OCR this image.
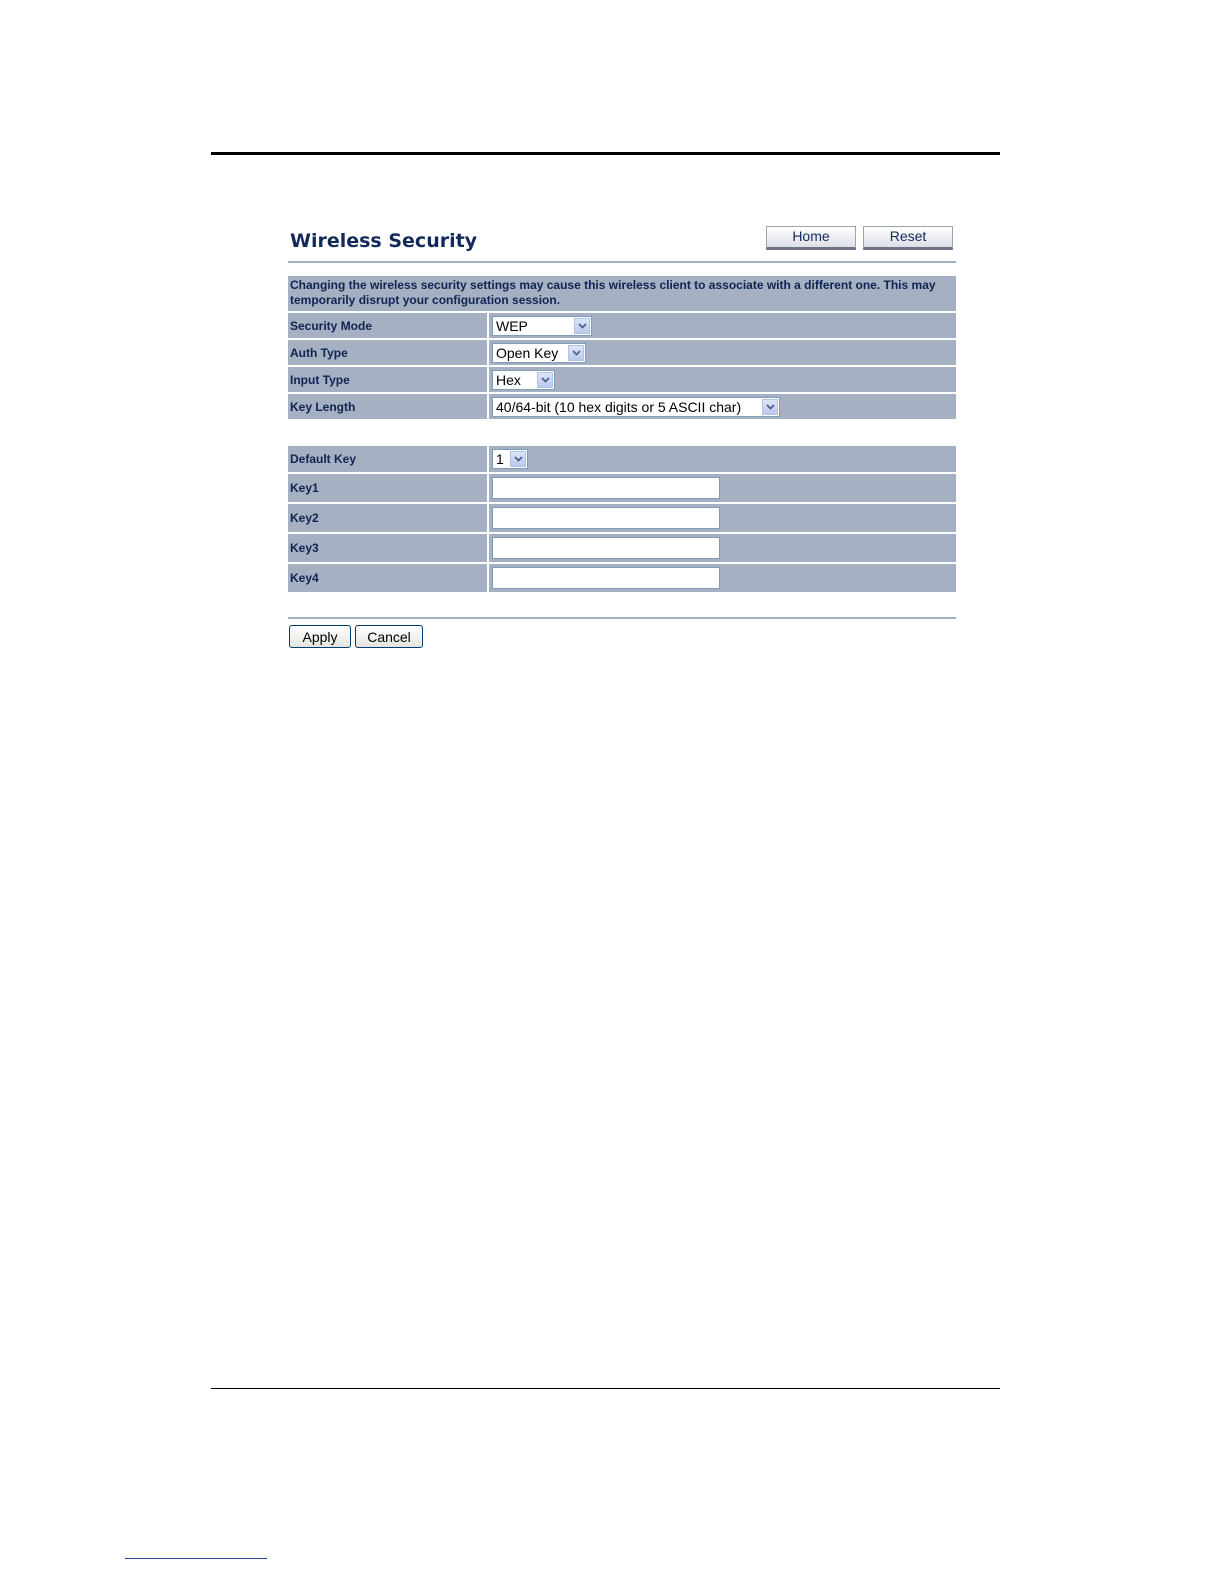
Wireless Security	Home	Reset
Changing the wireless security settings may cause this wireless client to associate with a different one. This may temporarily disrupt your configuration session.
Security Mode	WEP
Auth Type	Open Key
Input Type	Hex
Key Length	40/64-bit (10 hex digits or 5 ASCII char)
Default Key	1
Key1
Key2
Key3
Key4
Apply	Cancel
